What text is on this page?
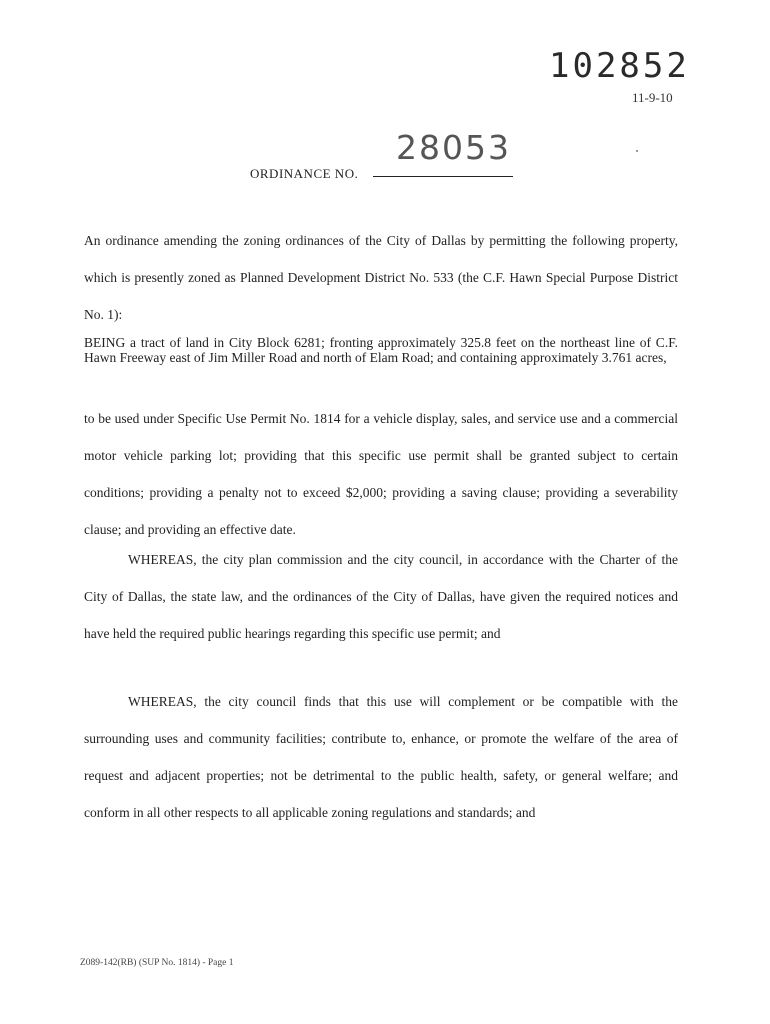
102852
11-9-10
ORDINANCE NO.
28053

An ordinance amending the zoning ordinances of the City of Dallas by permitting the following property, which is presently zoned as Planned Development District No. 533 (the C.F. Hawn Special Purpose District No. 1):

BEING a tract of land in City Block 6281; fronting approximately 325.8 feet on the northeast line of C.F. Hawn Freeway east of Jim Miller Road and north of Elam Road; and containing approximately 3.761 acres,

to be used under Specific Use Permit No. 1814 for a vehicle display, sales, and service use and a commercial motor vehicle parking lot; providing that this specific use permit shall be granted subject to certain conditions; providing a penalty not to exceed $2,000; providing a saving clause; providing a severability clause; and providing an effective date.

WHEREAS, the city plan commission and the city council, in accordance with the Charter of the City of Dallas, the state law, and the ordinances of the City of Dallas, have given the required notices and have held the required public hearings regarding this specific use permit; and

WHEREAS, the city council finds that this use will complement or be compatible with the surrounding uses and community facilities; contribute to, enhance, or promote the welfare of the area of request and adjacent properties; not be detrimental to the public health, safety, or general welfare; and conform in all other respects to all applicable zoning regulations and standards; and

Z089-142(RB) (SUP No. 1814) - Page 1
